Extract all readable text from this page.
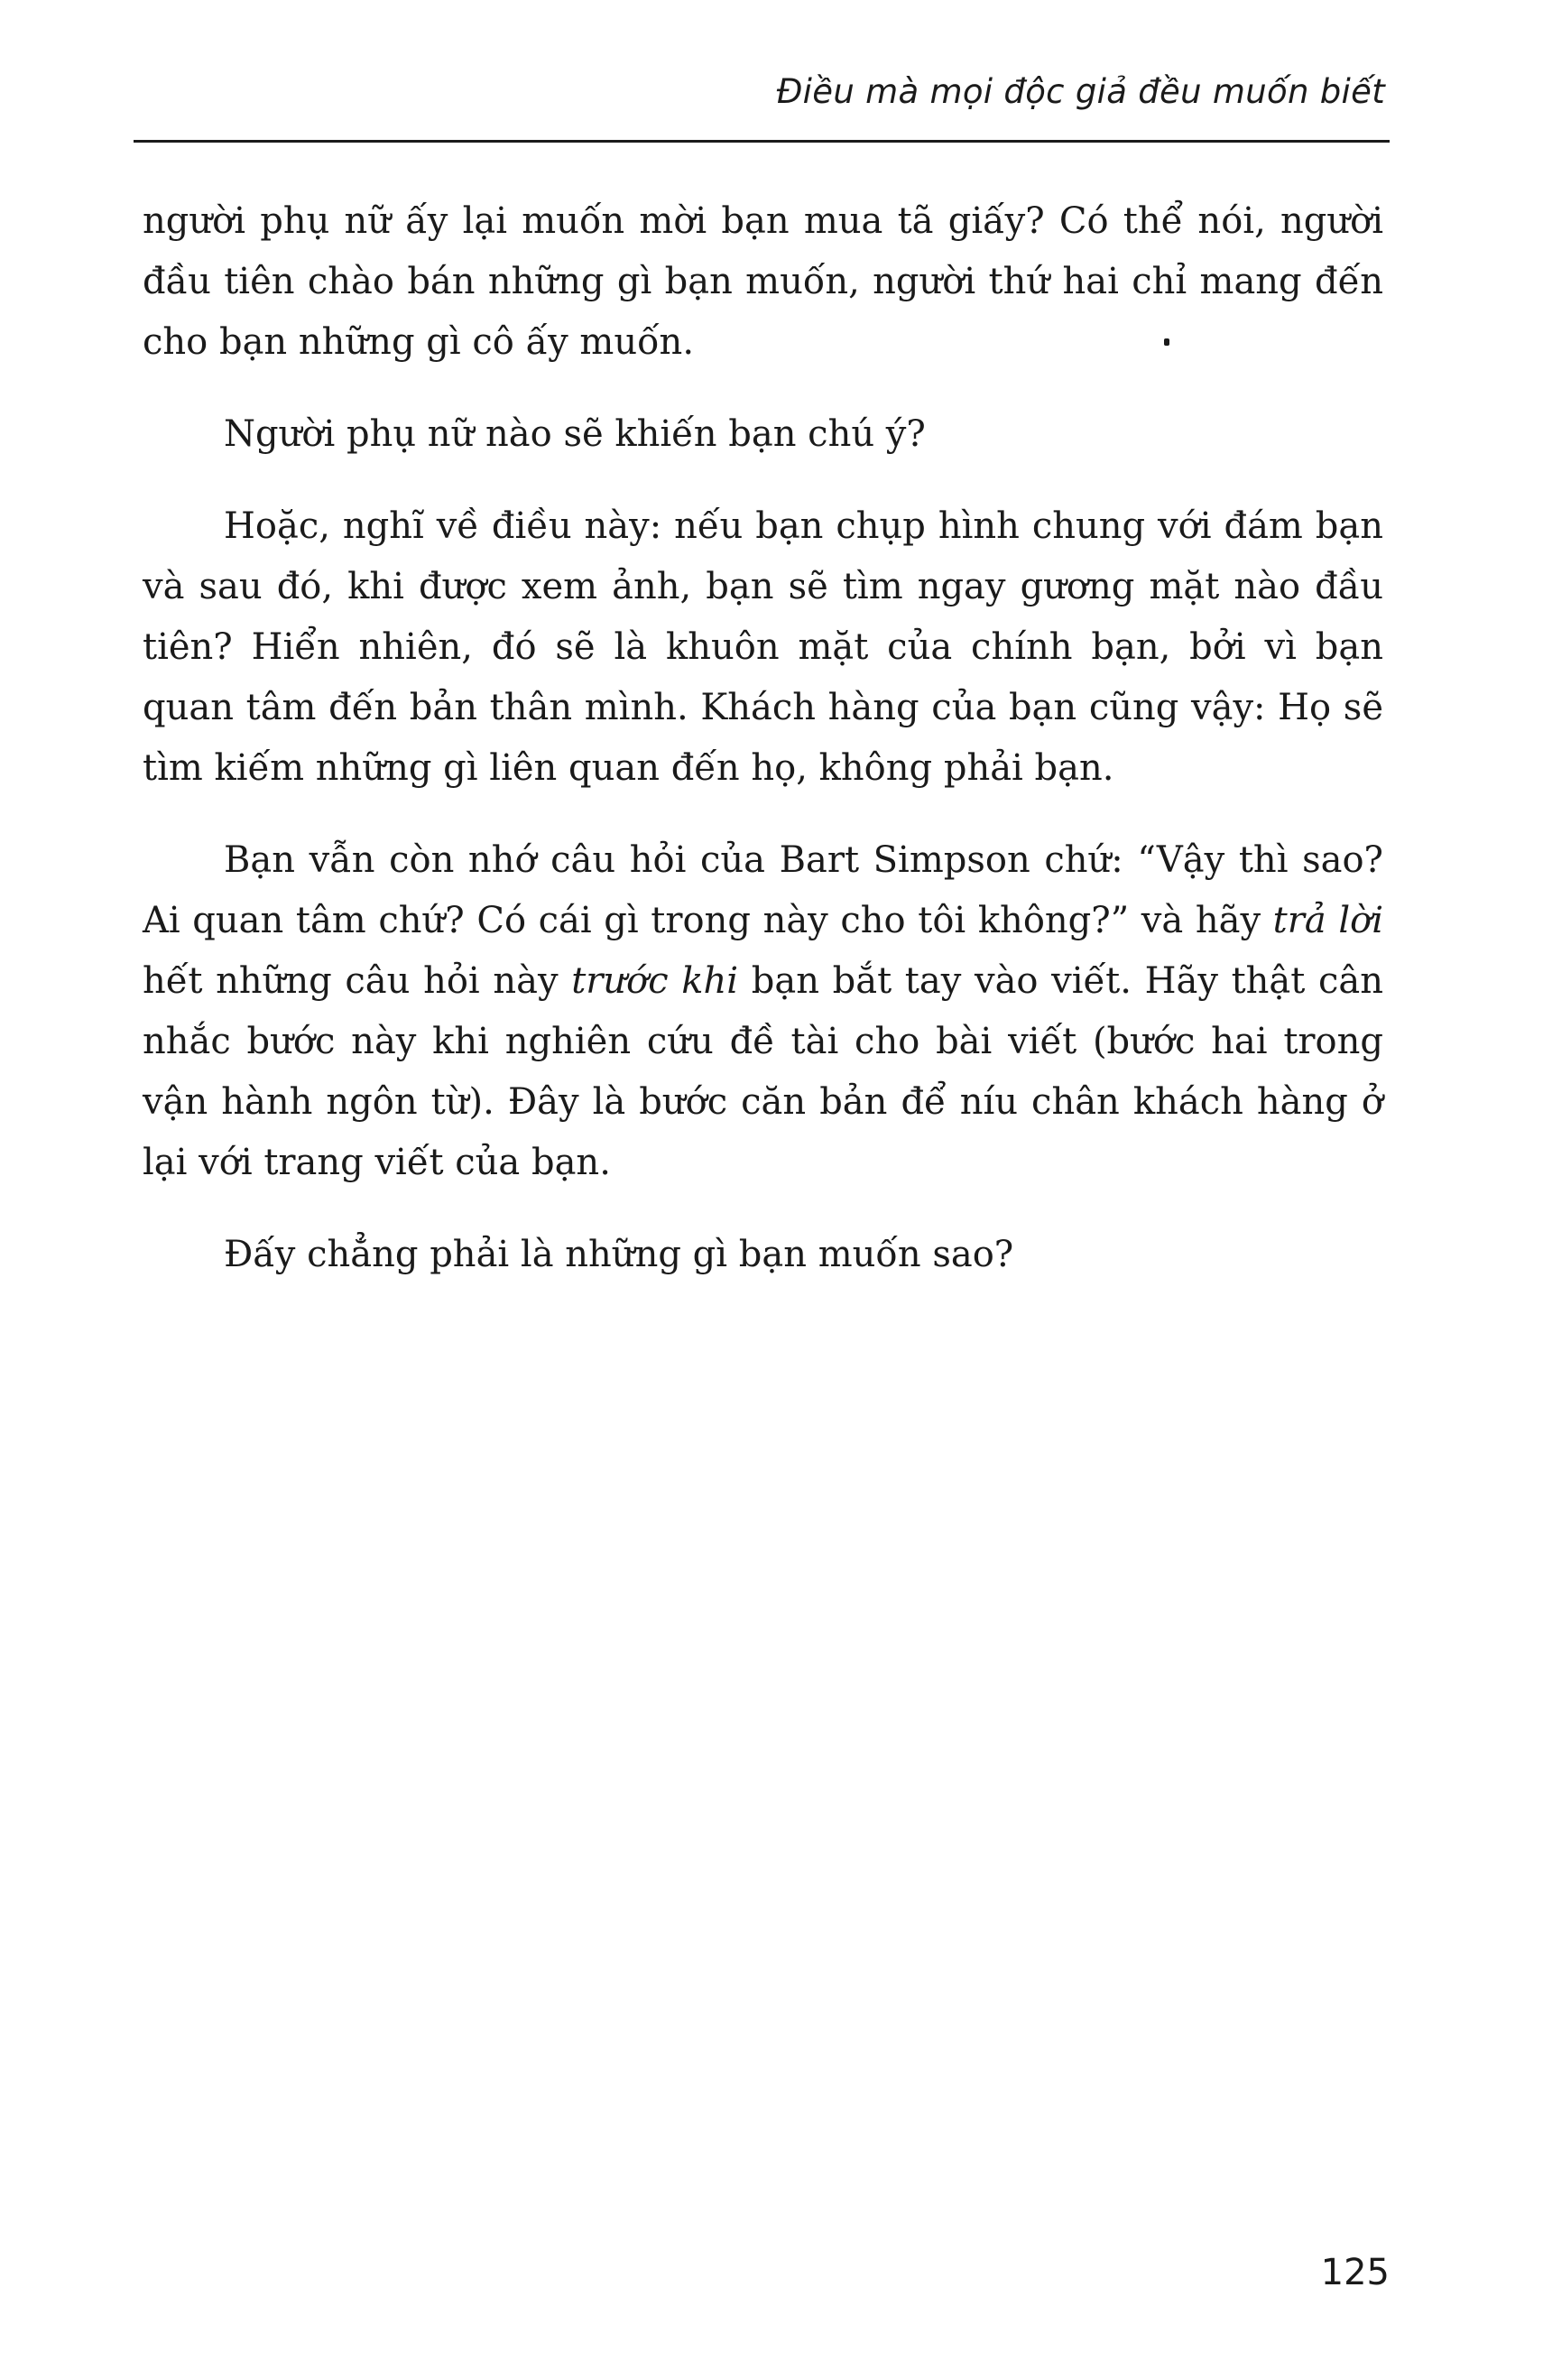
Điều mà mọi độc giả đều muốn biết

người phụ nữ ấy lại muốn mời bạn mua tã giấy? Có thể nói, người đầu tiên chào bán những gì bạn muốn, người thứ hai chỉ mang đến cho bạn những gì cô ấy muốn.

Người phụ nữ nào sẽ khiến bạn chú ý?

Hoặc, nghĩ về điều này: nếu bạn chụp hình chung với đám bạn và sau đó, khi được xem ảnh, bạn sẽ tìm ngay gương mặt nào đầu tiên? Hiển nhiên, đó sẽ là khuôn mặt của chính bạn, bởi vì bạn quan tâm đến bản thân mình. Khách hàng của bạn cũng vậy: Họ sẽ tìm kiếm những gì liên quan đến họ, không phải bạn.

Bạn vẫn còn nhớ câu hỏi của Bart Simpson chứ: “Vậy thì sao? Ai quan tâm chứ? Có cái gì trong này cho tôi không?” và hãy trả lời hết những câu hỏi này trước khi bạn bắt tay vào viết. Hãy thật cân nhắc bước này khi nghiên cứu đề tài cho bài viết (bước hai trong vận hành ngôn từ). Đây là bước căn bản để níu chân khách hàng ở lại với trang viết của bạn.

Đấy chẳng phải là những gì bạn muốn sao?

125
